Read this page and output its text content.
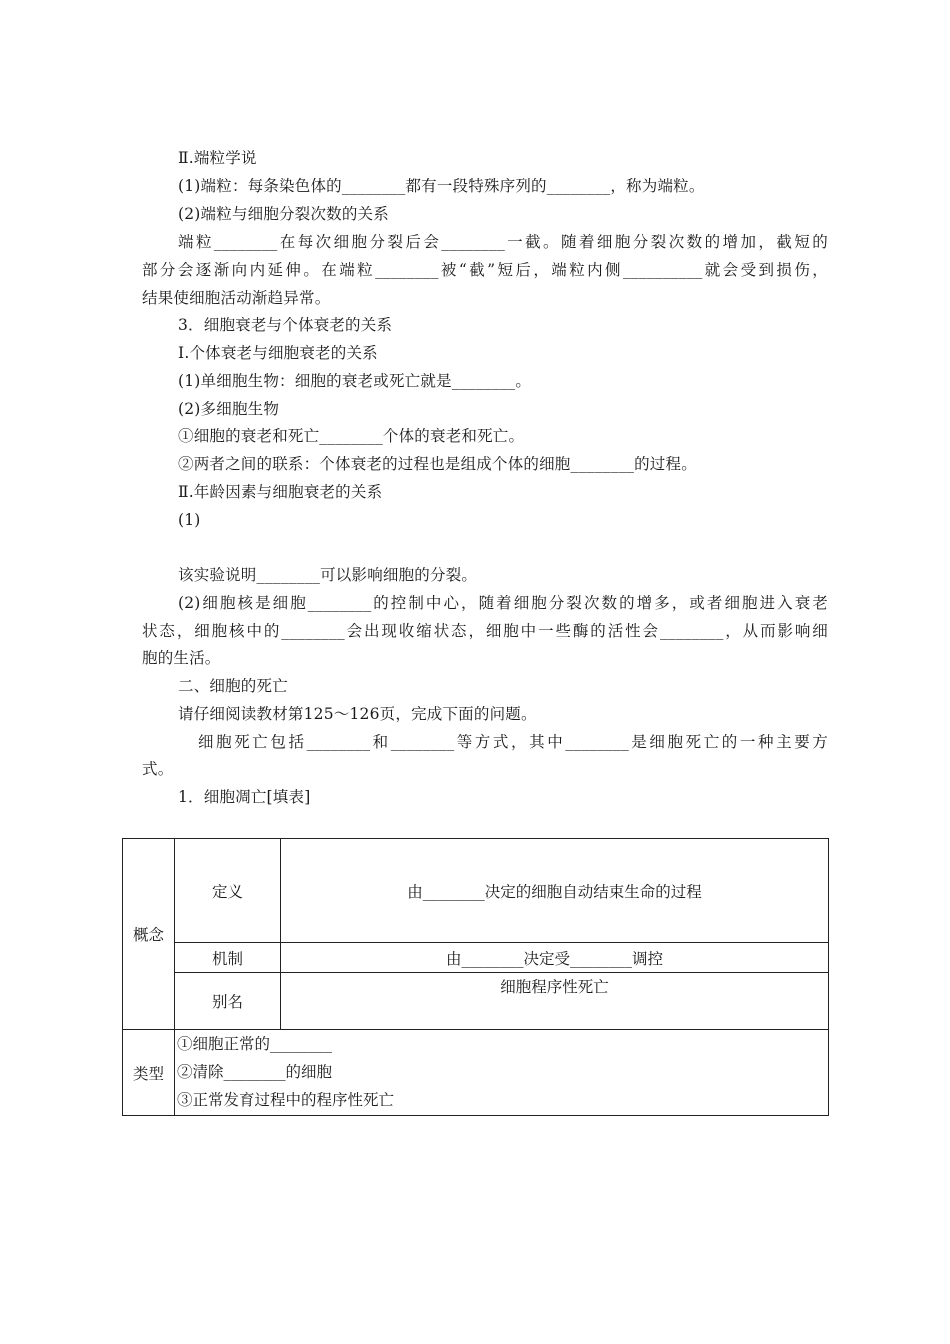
Ⅱ.端粒学说
(1)端粒：每条染色体的________都有一段特殊序列的________，称为端粒。
(2)端粒与细胞分裂次数的关系
端粒________在每次细胞分裂后会________一截。随着细胞分裂次数的增加，截短的
部分会逐渐向内延伸。在端粒________被“截”短后，端粒内侧__________就会受到损伤，
结果使细胞活动渐趋异常。
3．细胞衰老与个体衰老的关系
Ⅰ.个体衰老与细胞衰老的关系
(1)单细胞生物：细胞的衰老或死亡就是________。
(2)多细胞生物
①细胞的衰老和死亡________个体的衰老和死亡。
②两者之间的联系：个体衰老的过程也是组成个体的细胞________的过程。
Ⅱ.年龄因素与细胞衰老的关系
(1)
该实验说明________可以影响细胞的分裂。
(2)细胞核是细胞________的控制中心，随着细胞分裂次数的增多，或者细胞进入衰老
状态，细胞核中的________会出现收缩状态，细胞中一些酶的活性会________，从而影响细
胞的生活。
二、细胞的死亡
请仔细阅读教材第125～126页，完成下面的问题。
细胞死亡包括________和________等方式，其中________是细胞死亡的一种主要方
式。
1．细胞凋亡[填表]
概念	定义	由________决定的细胞自动结束生命的过程
	机制	由________决定受________调控
	别名	细胞程序性死亡
类型	①细胞正常的________
②清除________的细胞
③正常发育过程中的程序性死亡	
